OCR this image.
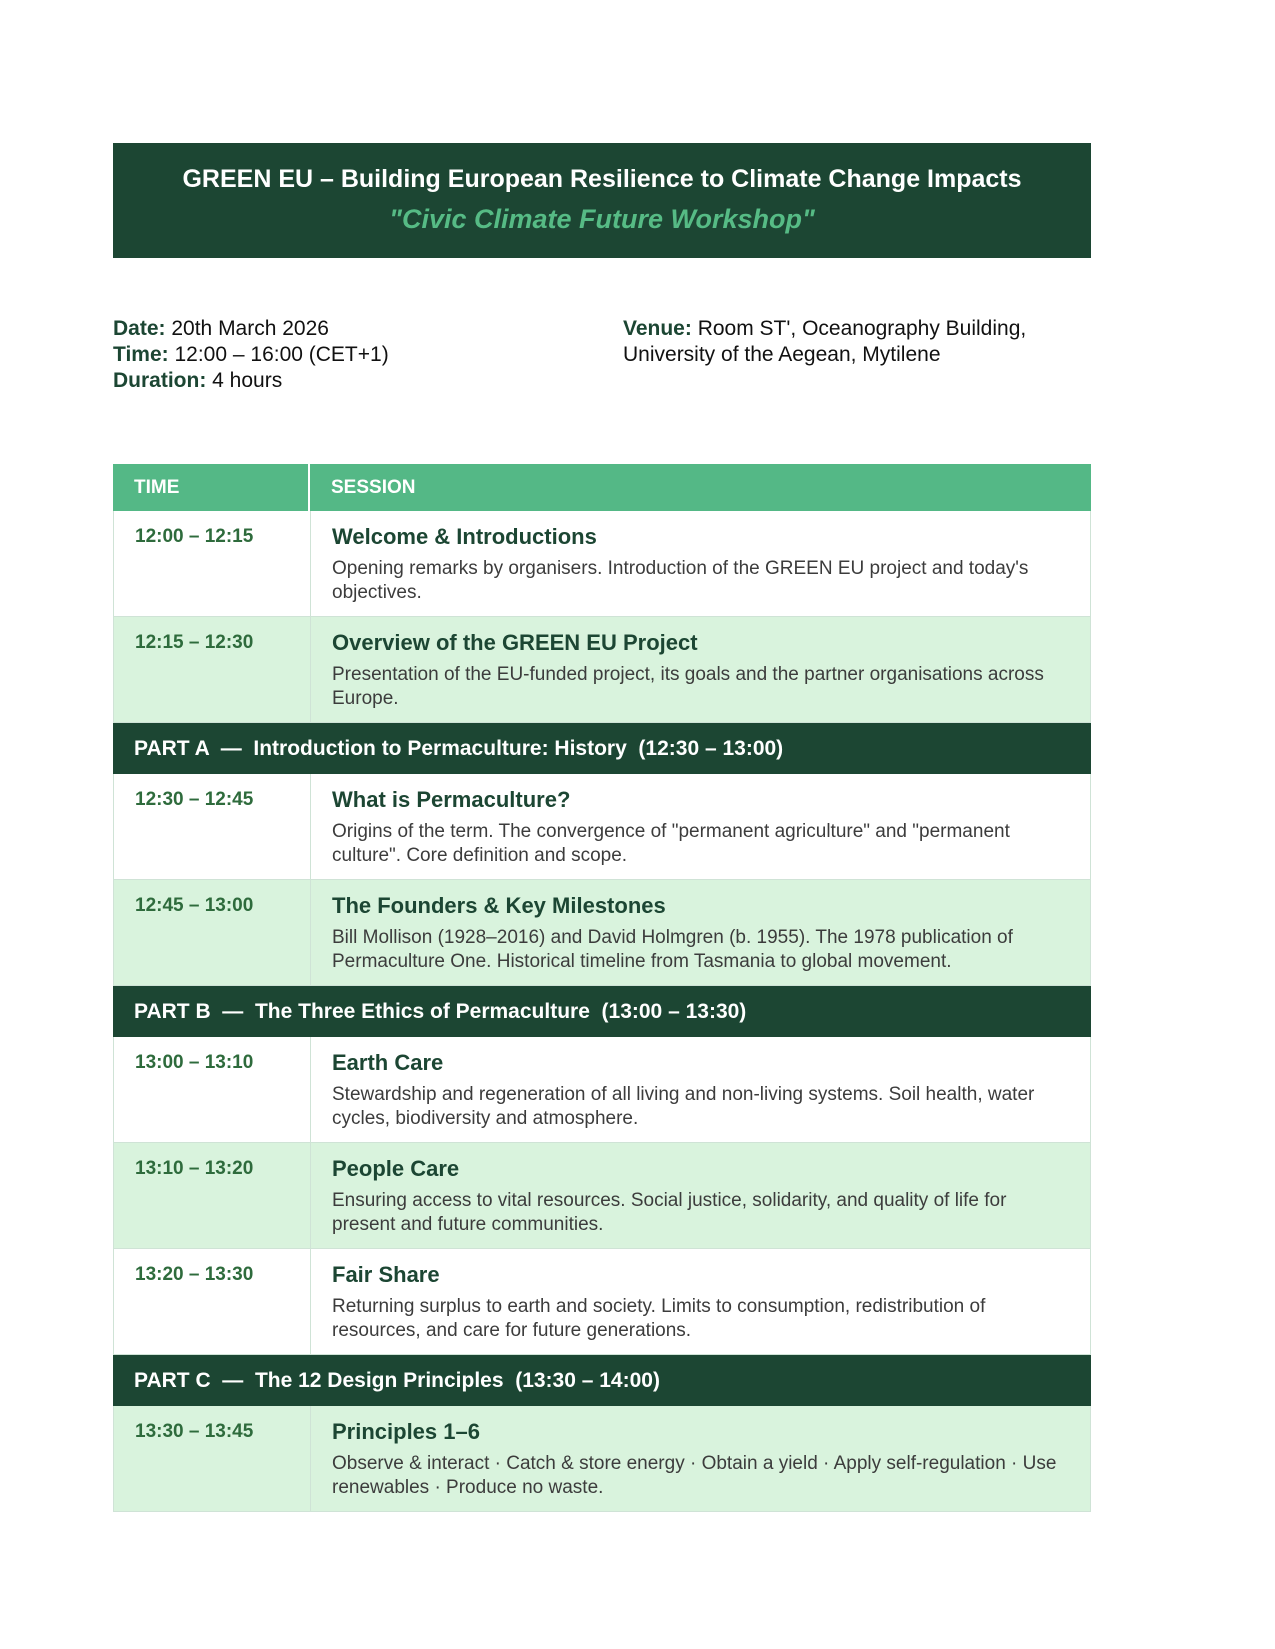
GREEN EU – Building European Resilience to Climate Change Impacts
"Civic Climate Future Workshop"
Date: 20th March 2026
Time: 12:00 – 16:00 (CET+1)
Duration: 4 hours
Venue: Room ST', Oceanography Building,
University of the Aegean, Mytilene
TIME	SESSION
12:00 – 12:15	Welcome & Introductions
Opening remarks by organisers. Introduction of the GREEN EU project and today's objectives.
12:15 – 12:30	Overview of the GREEN EU Project
Presentation of the EU-funded project, its goals and the partner organisations across Europe.
PART A  —  Introduction to Permaculture: History  (12:30 – 13:00)
12:30 – 12:45	What is Permaculture?
Origins of the term. The convergence of "permanent agriculture" and "permanent culture". Core definition and scope.
12:45 – 13:00	The Founders & Key Milestones
Bill Mollison (1928–2016) and David Holmgren (b. 1955). The 1978 publication of Permaculture One. Historical timeline from Tasmania to global movement.
PART B  —  The Three Ethics of Permaculture  (13:00 – 13:30)
13:00 – 13:10	Earth Care
Stewardship and regeneration of all living and non-living systems. Soil health, water cycles, biodiversity and atmosphere.
13:10 – 13:20	People Care
Ensuring access to vital resources. Social justice, solidarity, and quality of life for present and future communities.
13:20 – 13:30	Fair Share
Returning surplus to earth and society. Limits to consumption, redistribution of resources, and care for future generations.
PART C  —  The 12 Design Principles  (13:30 – 14:00)
13:30 – 13:45	Principles 1–6
Observe & interact · Catch & store energy · Obtain a yield · Apply self-regulation · Use renewables · Produce no waste.
